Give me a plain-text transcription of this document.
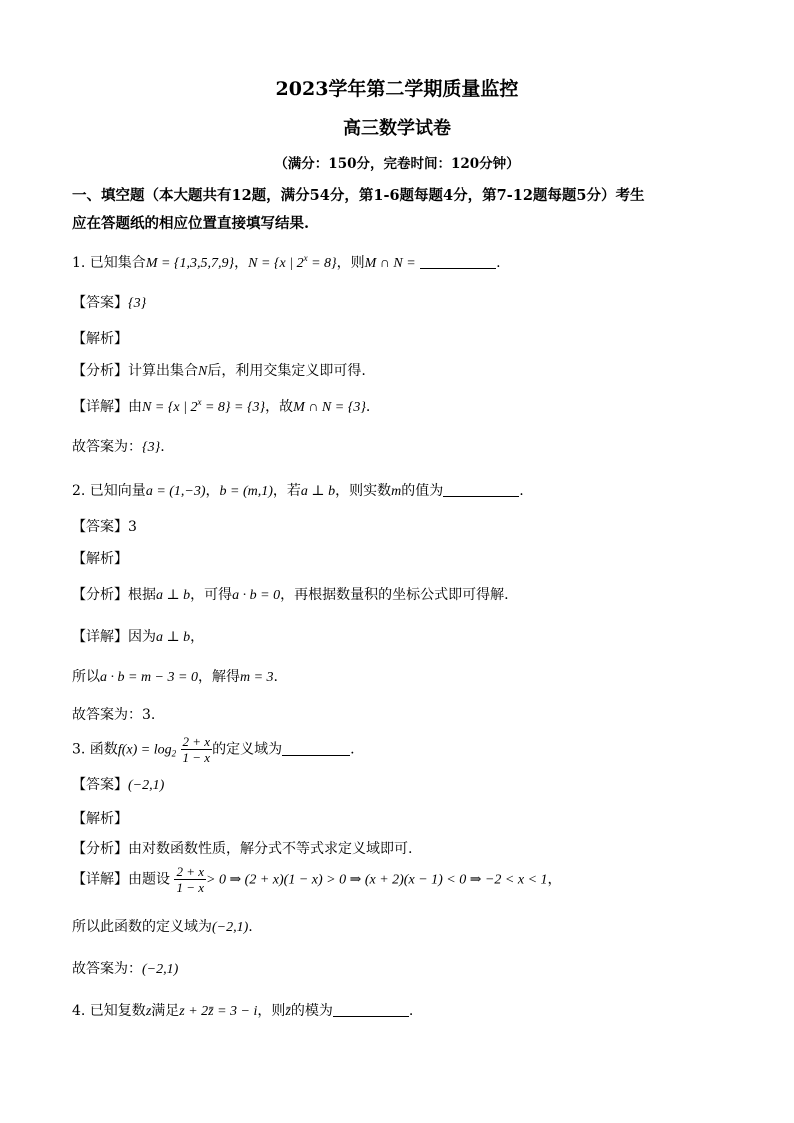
2023学年第二学期质量监控
高三数学试卷
（满分：150分，完卷时间：120分钟）
一、填空题（本大题共有12题，满分54分，第1-6题每题4分，第7-12题每题5分）考生
应在答题纸的相应位置直接填写结果.
1. 已知集合M = {1,3,5,7,9}，N = {x | $2^x = 8$}，则M ∩ N =	.
【答案】{3}
【解析】
【分析】计算出集合N后，利用交集定义即可得.
【详解】由N = {x | $2^x = 8\} = \{3\}$，故M ∩ N = {3}.
故答案为：{3}.
2. 已知向量a = (1,−3)，b = (m,1)，若a ⊥ b，则实数m的值为	.
【答案】3
【解析】
【分析】根据a ⊥ b，可得a · b = 0，再根据数量积的坐标公式即可得解.
【详解】因为a ⊥ b，
所以a · b = m − 3 = 0，解得m = 3.
故答案为：3.
3. 函数$f(x) = \log_2 \frac{2 + x}{1 - x}$ 的定义域为	.
【答案】(−2,1)
【解析】
【分析】由对数函数性质，解分式不等式求定义域即可.
【详解】由题设 $\frac{2 + x}{1 - x} > 0$ ⇒ (2 + x)(1 − x) > 0 ⇒ (x + 2)(x − 1) < 0 ⇒ −2 < x < 1，
所以此函数的定义域为(−2,1).
故答案为：(−2,1)
4. 已知复数z满足z + 2z̄ = 3 − i，则z̄的模为	.
